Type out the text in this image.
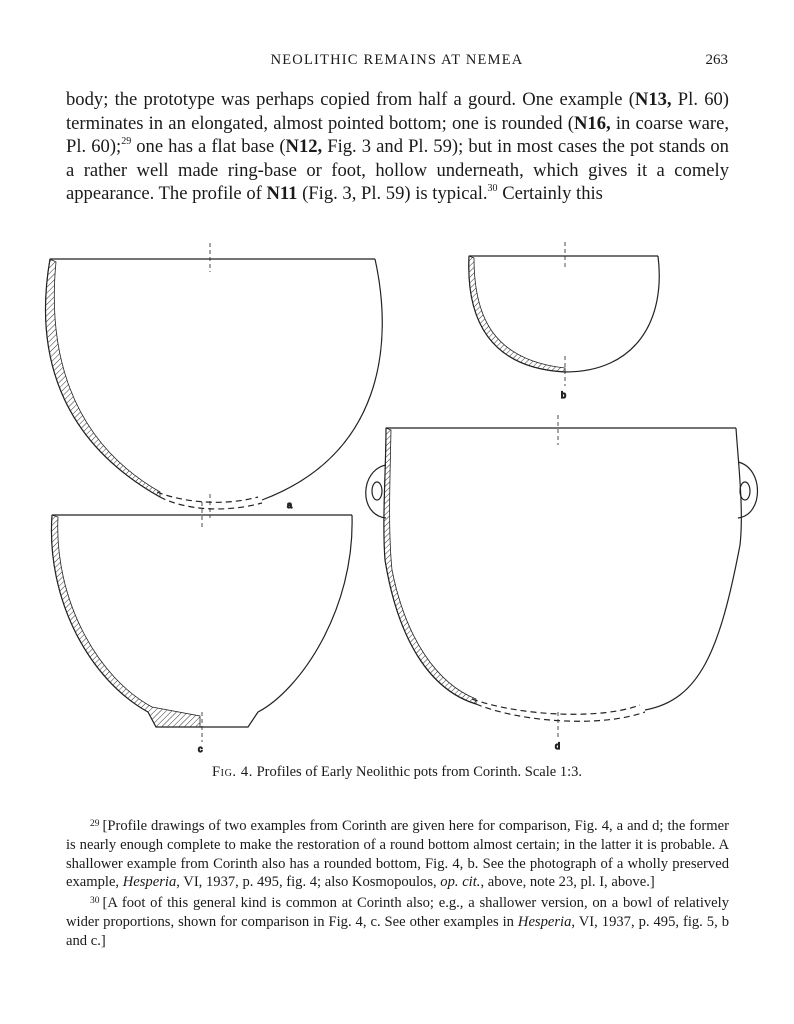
NEOLITHIC REMAINS AT NEMEA	263

body; the prototype was perhaps copied from half a gourd. One example (N13, Pl. 60) terminates in an elongated, almost pointed bottom; one is rounded (N16, in coarse ware, Pl. 60);$^{29}$ one has a flat base (N12, Fig. 3 and Pl. 59); but in most cases the pot stands on a rather well made ring-base or foot, hollow underneath, which gives it a comely appearance. The profile of N11 (Fig. 3, Pl. 59) is typical.$^{30}$ Certainly this

a
b
c	d
Fig. 4. Profiles of Early Neolithic pots from Corinth. Scale 1:3.

$^{29}$ [Profile drawings of two examples from Corinth are given here for comparison, Fig. 4, a and d; the former is nearly enough complete to make the restoration of a round bottom almost certain; in the latter it is probable. A shallower example from Corinth also has a rounded bottom, Fig. 4, b. See the photograph of a wholly preserved example, Hesperia, VI, 1937, p. 495, fig. 4; also Kosmopoulos, op. cit., above, note 23, pl. I, above.]

$^{30}$ [A foot of this general kind is common at Corinth also; e.g., a shallower version, on a bowl of relatively wider proportions, shown for comparison in Fig. 4, c. See other examples in Hesperia, VI, 1937, p. 495, fig. 5, b and c.]
